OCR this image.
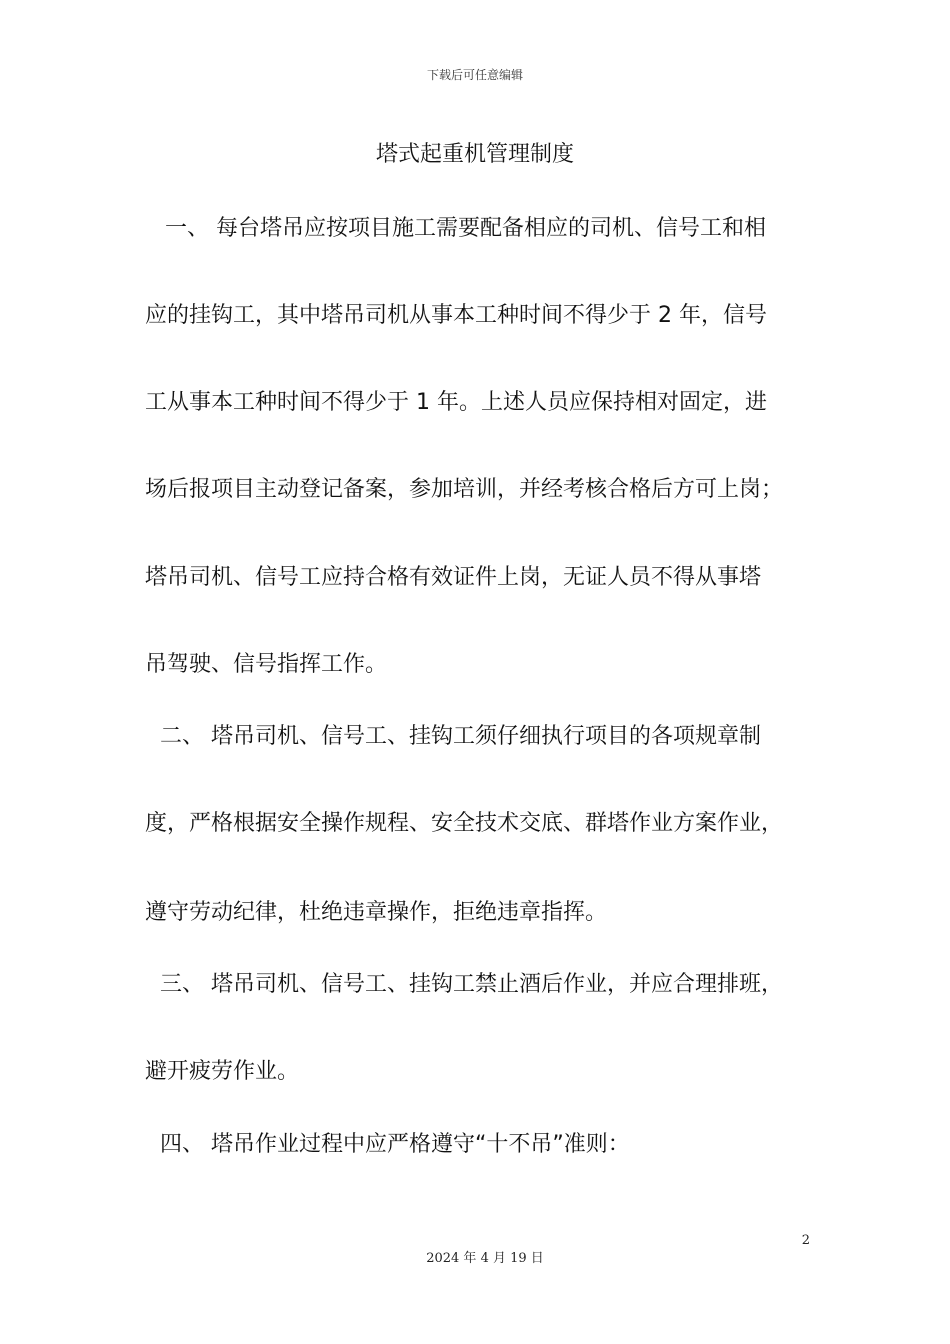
下载后可任意编辑
塔式起重机管理制度
一、 每台塔吊应按项目施工需要配备相应的司机、信号工和相
应的挂钩工，其中塔吊司机从事本工种时间不得少于 2 年，信号
工从事本工种时间不得少于 1 年。上述人员应保持相对固定，进
场后报项目主动登记备案，参加培训，并经考核合格后方可上岗；
塔吊司机、信号工应持合格有效证件上岗，无证人员不得从事塔
吊驾驶、信号指挥工作。
二、 塔吊司机、信号工、挂钩工须仔细执行项目的各项规章制
度，严格根据安全操作规程、安全技术交底、群塔作业方案作业，
遵守劳动纪律，杜绝违章操作，拒绝违章指挥。
三、 塔吊司机、信号工、挂钩工禁止酒后作业，并应合理排班，
避开疲劳作业。
四、 塔吊作业过程中应严格遵守“十不吊”准则：
2
2024 年 4 月 19 日
